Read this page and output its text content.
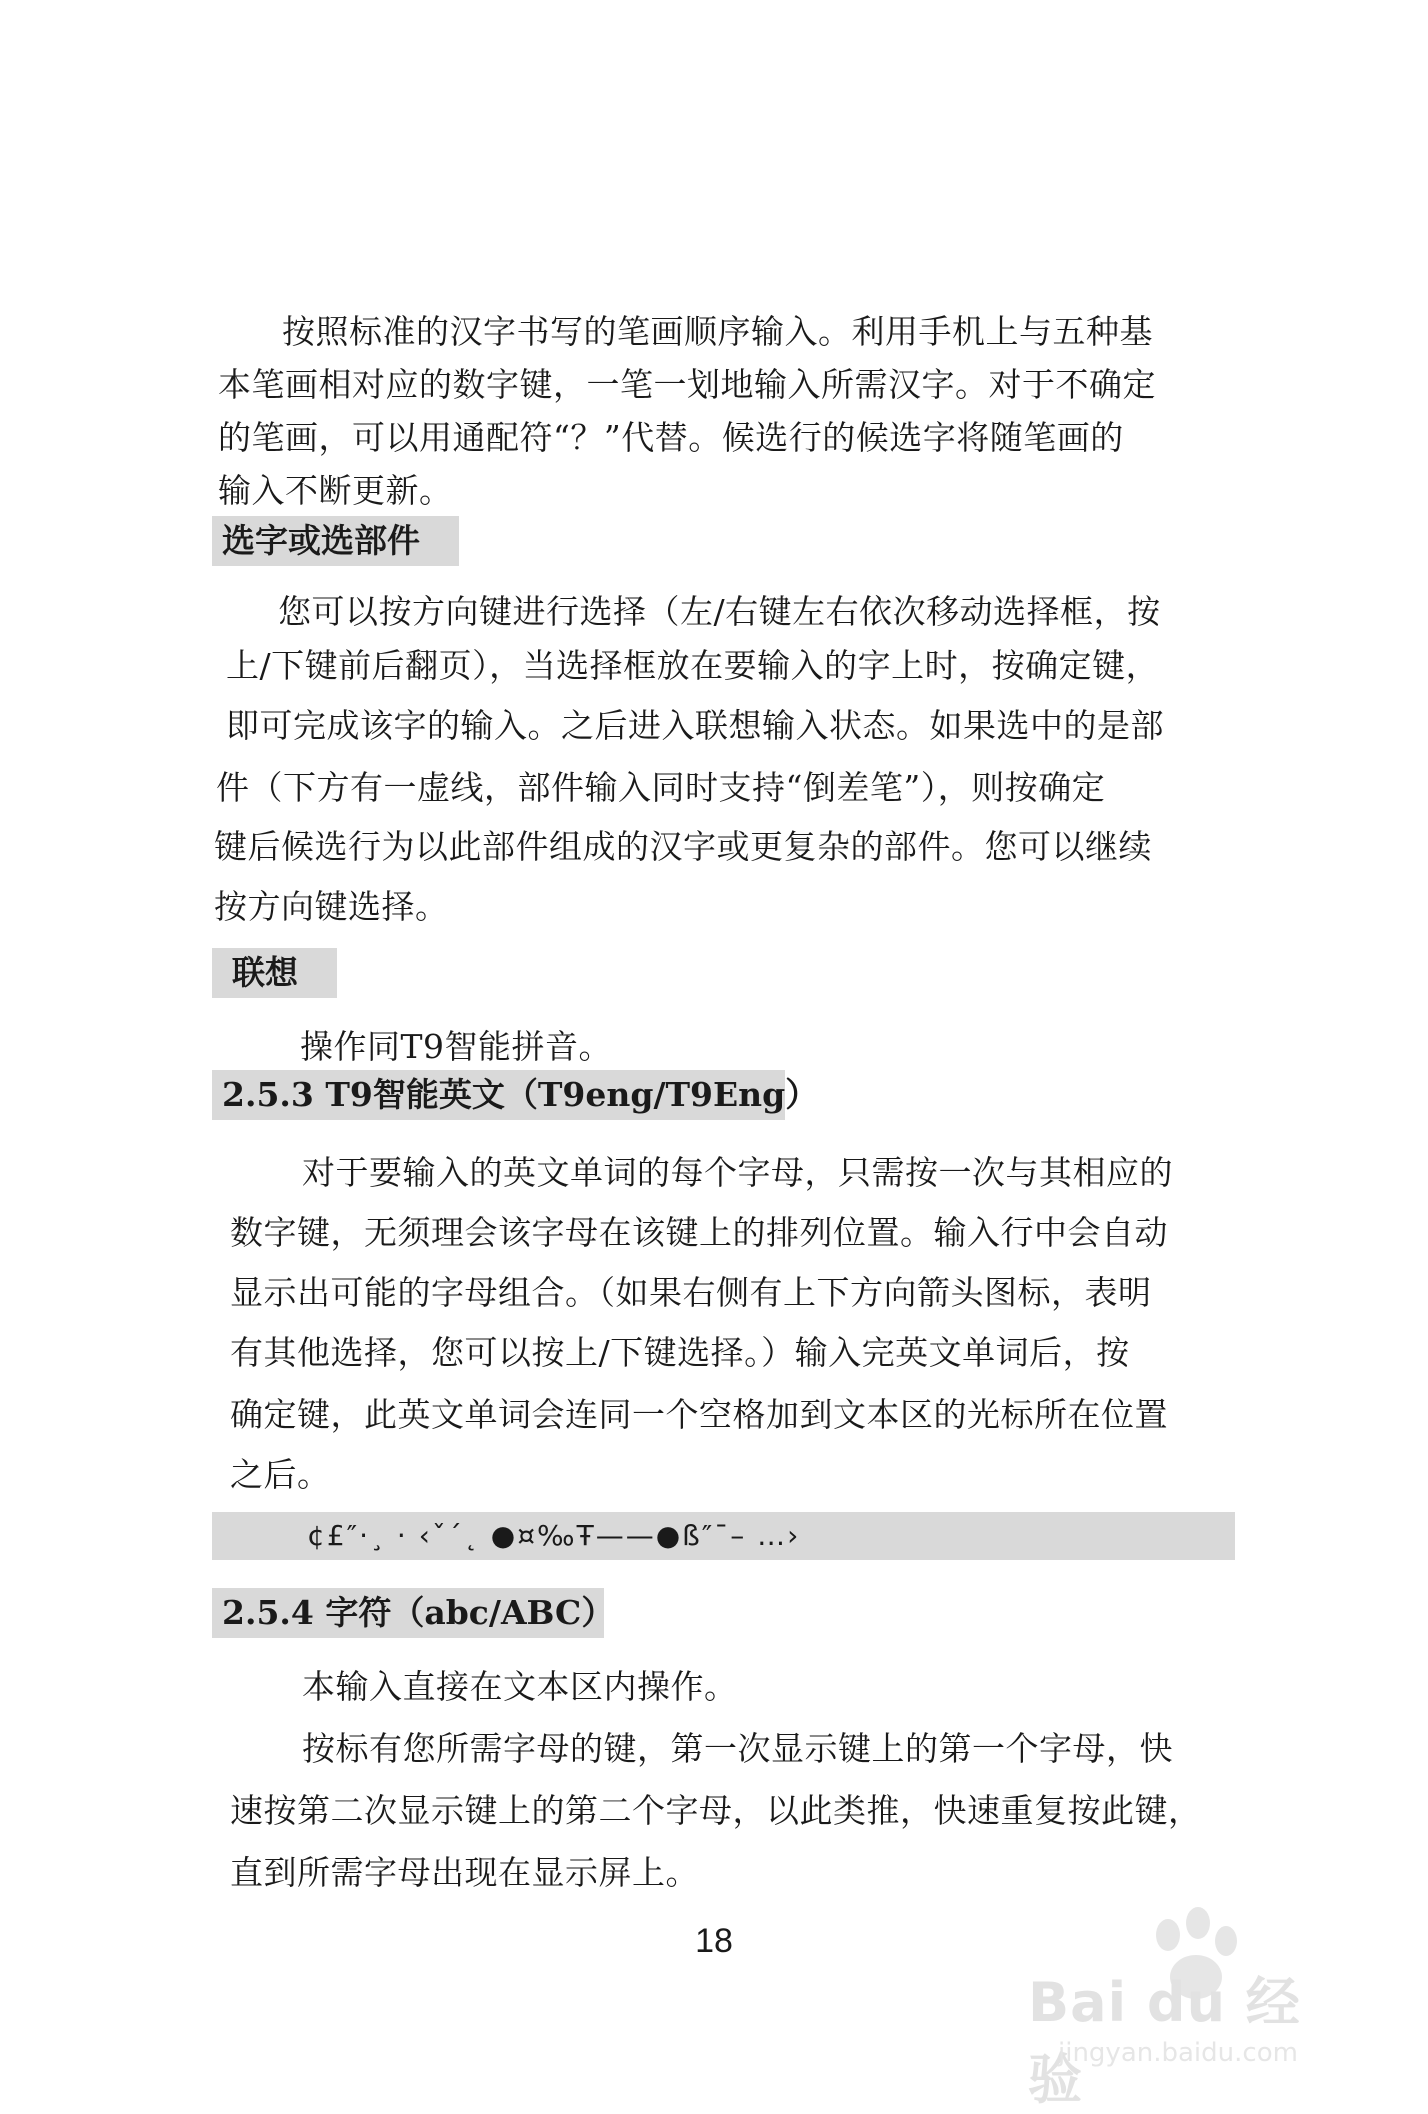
按照标准的汉字书写的笔画顺序输入。利用手机上与五种基
本笔画相对应的数字键，一笔一划地输入所需汉字。对于不确定
的笔画，可以用通配符“？”代替。候选行的候选字将随笔画的
输入不断更新。
选字或选部件
您可以按方向键进行选择（左/右键左右依次移动选择框，按
上/下键前后翻页），当选择框放在要输入的字上时，按确定键，
即可完成该字的输入。之后进入联想输入状态。如果选中的是部
件（下方有一虚线，部件输入同时支持“倒差笔”），则按确定
键后候选行为以此部件组成的汉字或更复杂的部件。您可以继续
按方向键选择。
联想
操作同T9智能拼音。
2.5.3 T9智能英文（T9eng/T9Eng）
对于要输入的英文单词的每个字母，只需按一次与其相应的
数字键，无须理会该字母在该键上的排列位置。输入行中会自动
显示出可能的字母组合。（如果右侧有上下方向箭头图标，表明
有其他选择，您可以按上/下键选择。）输入完英文单词后，按
确定键，此英文单词会连同一个空格加到文本区的光标所在位置
之后。
¢£″·¸ · ‹ˇˊ˛ ●¤‰Ŧ——●ß″¯– …›
2.5.4 字符（abc/ABC）
本输入直接在文本区内操作。
按标有您所需字母的键，第一次显示键上的第一个字母，快
速按第二次显示键上的第二个字母，以此类推，快速重复按此键，
直到所需字母出现在显示屏上。
18
Bai du 经验
jingyan.baidu.com
